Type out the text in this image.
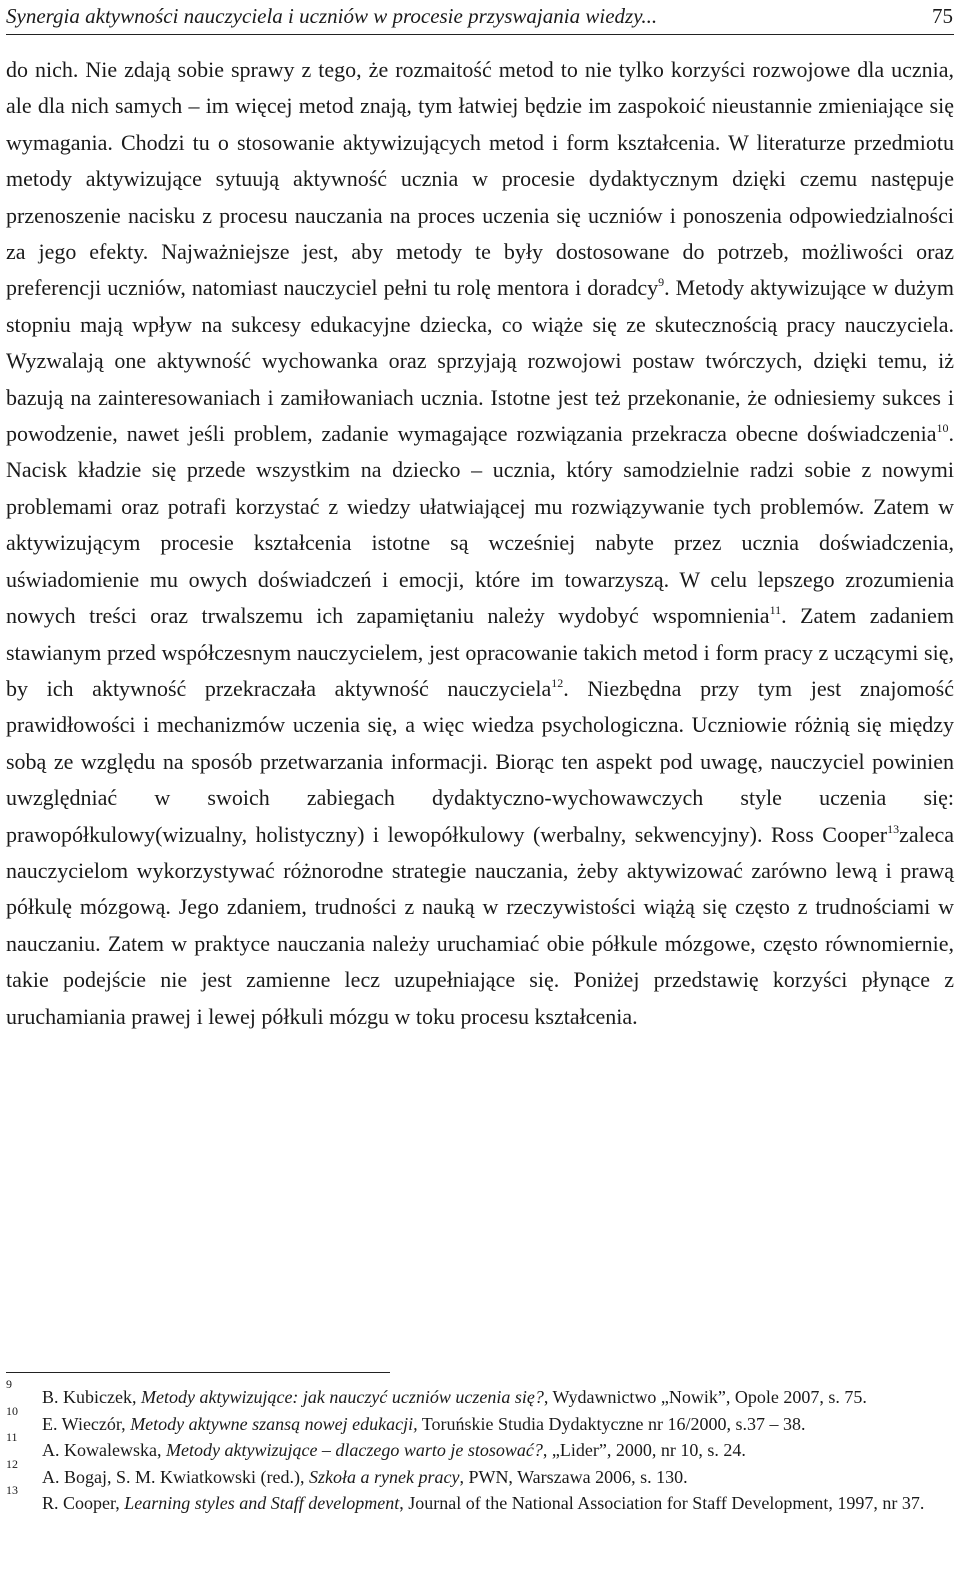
Synergia aktywności nauczyciela i uczniów w procesie przyswajania wiedzy...	75

do nich. Nie zdają sobie sprawy z tego, że rozmaitość metod to nie tylko korzyści rozwojowe dla ucznia, ale dla nich samych – im więcej metod znają, tym łatwiej będzie im zaspokoić nieustannie zmieniające się wymagania. Chodzi tu o stosowanie aktywizujących metod i form kształcenia. W literaturze przedmiotu metody aktywizujące sytuują aktywność ucznia w procesie dydaktycznym dzięki czemu następuje przenoszenie nacisku z procesu nauczania na proces uczenia się uczniów i ponoszenia odpowiedzialności za jego efekty. Najważniejsze jest, aby metody te były dostosowane do potrzeb, możliwości oraz preferencji uczniów, natomiast nauczyciel pełni tu rolę mentora i doradcy$^9$. Metody aktywizujące w dużym stopniu mają wpływ na sukcesy edukacyjne dziecka, co wiąże się ze skutecznością pracy nauczyciela. Wyzwalają one aktywność wychowanka oraz sprzyjają rozwojowi postaw twórczych, dzięki temu, iż bazują na zainteresowaniach i zamiłowaniach ucznia. Istotne jest też przekonanie, że odniesiemy sukces i powodzenie, nawet jeśli problem, zadanie wymagające rozwiązania przekracza obecne doświadczenia$^{10}$. Nacisk kładzie się przede wszystkim na dziecko – ucznia, który samodzielnie radzi sobie z nowymi problemami oraz potrafi korzystać z wiedzy ułatwiającej mu rozwiązywanie tych problemów. Zatem w aktywizującym procesie kształcenia istotne są wcześniej nabyte przez ucznia doświadczenia, uświadomienie mu owych doświadczeń i emocji, które im towarzyszą. W celu lepszego zrozumienia nowych treści oraz trwalszemu ich zapamiętaniu należy wydobyć wspomnienia$^{11}$. Zatem zadaniem stawianym przed współczesnym nauczycielem, jest opracowanie takich metod i form pracy z uczącymi się, by ich aktywność przekraczała aktywność nauczyciela$^{12}$. Niezbędna przy tym jest znajomość prawidłowości i mechanizmów uczenia się, a więc wiedza psychologiczna. Uczniowie różnią się między sobą ze względu na sposób przetwarzania informacji. Biorąc ten aspekt pod uwagę, nauczyciel powinien uwzględniać w swoich zabiegach dydaktyczno-wychowawczych style uczenia się: prawopółkulowy(wizualny, holistyczny) i lewopółkulowy (werbalny, sekwencyjny). Ross Cooper$^{13}$zaleca nauczycielom wykorzystywać różnorodne strategie nauczania, żeby aktywizować zarówno lewą i prawą półkulę mózgową. Jego zdaniem, trudności z nauką w rzeczywistości wiążą się często z trudnościami w nauczaniu. Zatem w praktyce nauczania należy uruchamiać obie półkule mózgowe, często równomiernie, takie podejście nie jest zamienne lecz uzupełniające się. Poniżej przedstawię korzyści płynące z uruchamiania prawej i lewej półkuli mózgu w toku procesu kształcenia.

9
B. Kubiczek, Metody aktywizujące: jak nauczyć uczniów uczenia się?, Wydawnictwo „Nowik”, Opole 2007, s. 75.

10
E. Wieczór, Metody aktywne szansą nowej edukacji, Toruńskie Studia Dydaktyczne nr 16/2000, s.37 – 38.

11
A. Kowalewska, Metody aktywizujące – dlaczego warto je stosować?, „Lider”, 2000, nr 10, s. 24.

12
A. Bogaj, S. M. Kwiatkowski (red.), Szkoła a rynek pracy, PWN, Warszawa 2006, s. 130.

13
R. Cooper, Learning styles and Staff development, Journal of the National Association for Staff Development, 1997, nr 37.
